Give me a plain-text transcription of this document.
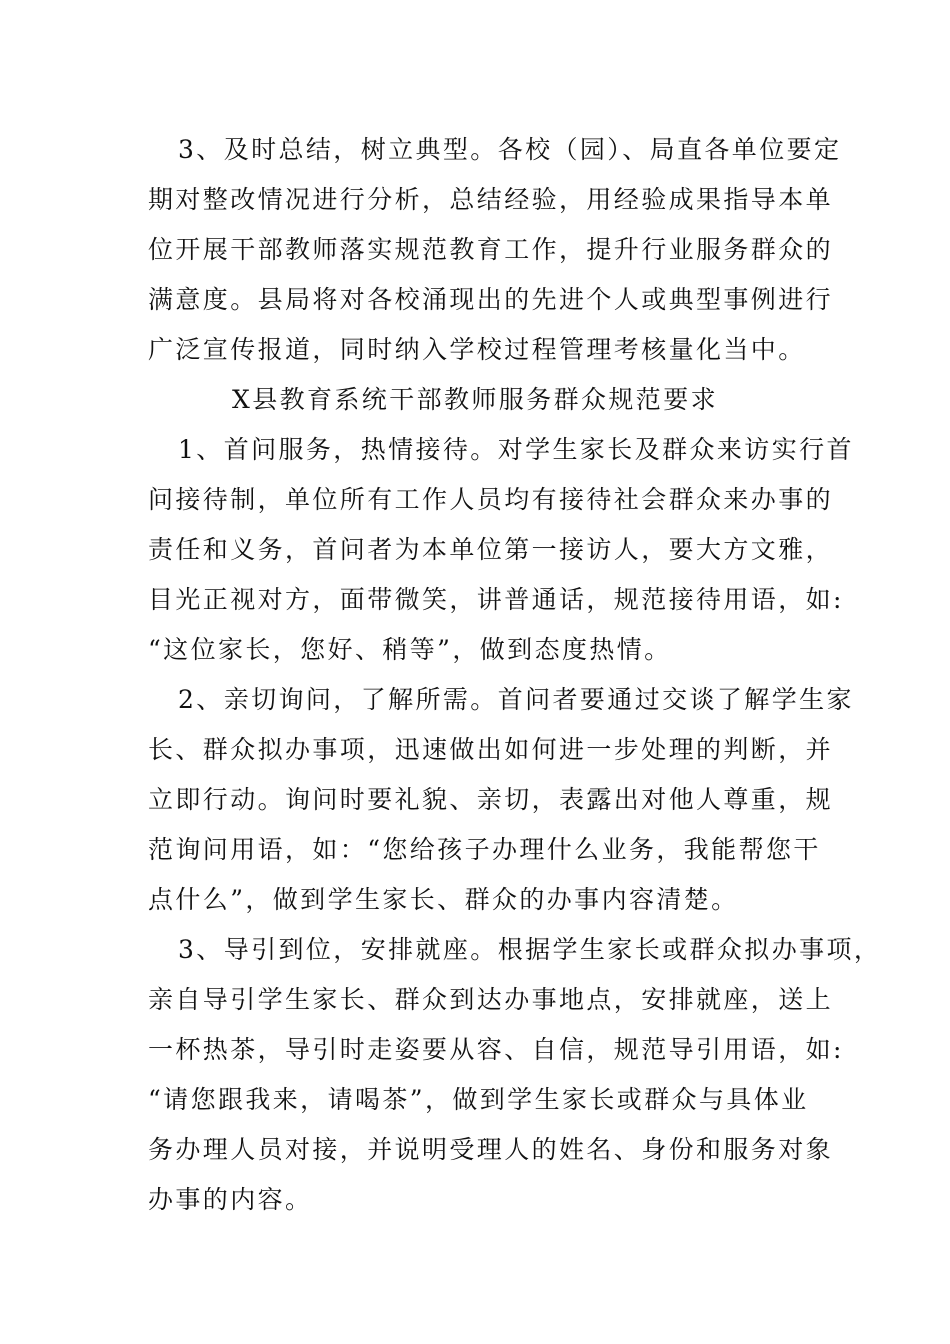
3、及时总结，树立典型。各校（园）、局直各单位要定
期对整改情况进行分析，总结经验，用经验成果指导本单
位开展干部教师落实规范教育工作，提升行业服务群众的
满意度。县局将对各校涌现出的先进个人或典型事例进行
广泛宣传报道，同时纳入学校过程管理考核量化当中。
X县教育系统干部教师服务群众规范要求
1、首问服务，热情接待。对学生家长及群众来访实行首
问接待制，单位所有工作人员均有接待社会群众来办事的
责任和义务，首问者为本单位第一接访人，要大方文雅，
目光正视对方，面带微笑，讲普通话，规范接待用语，如:
“这位家长，您好、稍等”，做到态度热情。
2、亲切询问，了解所需。首问者要通过交谈了解学生家
长、群众拟办事项，迅速做出如何进一步处理的判断，并
立即行动。询问时要礼貌、亲切，表露出对他人尊重，规
范询问用语，如：“您给孩子办理什么业务，我能帮您干
点什么”，做到学生家长、群众的办事内容清楚。
3、导引到位，安排就座。根据学生家长或群众拟办事项，
亲自导引学生家长、群众到达办事地点，安排就座，送上
一杯热茶，导引时走姿要从容、自信，规范导引用语，如:
“请您跟我来，请喝茶”，做到学生家长或群众与具体业
务办理人员对接，并说明受理人的姓名、身份和服务对象
办事的内容。
